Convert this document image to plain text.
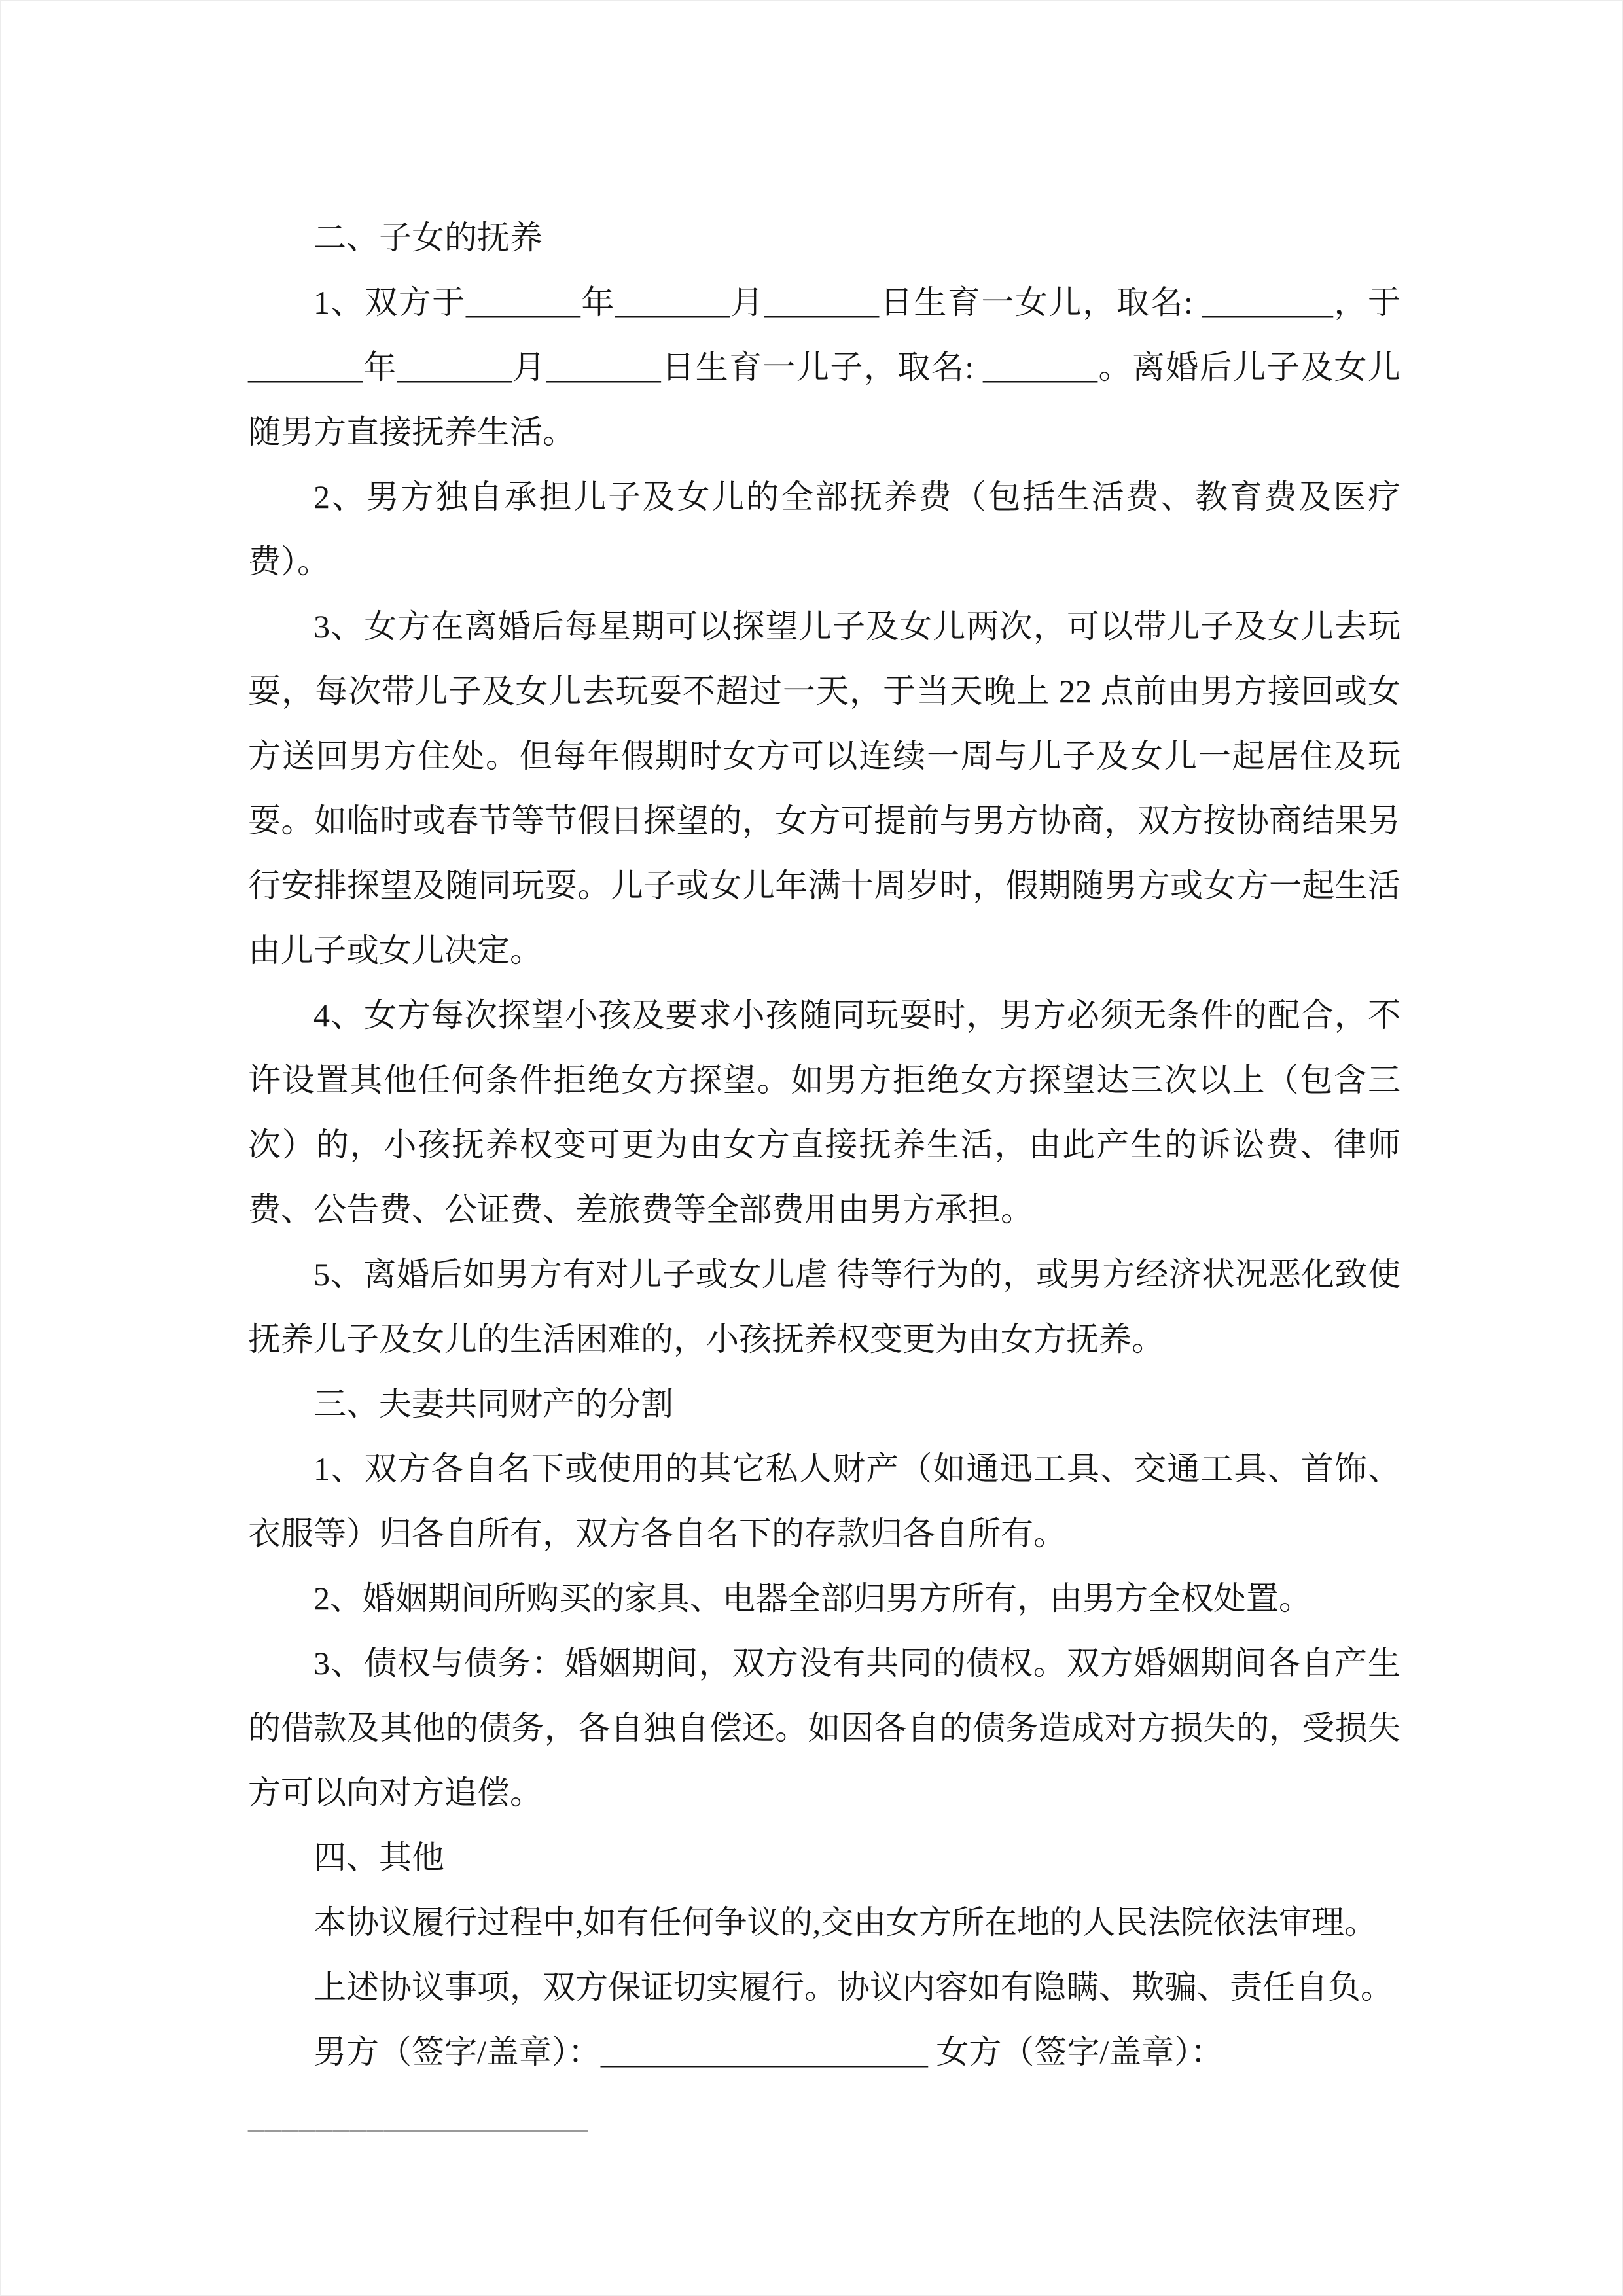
二、子女的抚养

1、双方于_______年_______月_______日生育一女儿，取名: ________，于_______年_______月_______日生育一儿子，取名: _______。离婚后儿子及女儿随男方直接抚养生活。

2、男方独自承担儿子及女儿的全部抚养费（包括生活费、教育费及医疗费）。

3、女方在离婚后每星期可以探望儿子及女儿两次，可以带儿子及女儿去玩耍，每次带儿子及女儿去玩耍不超过一天，于当天晚上 22 点前由男方接回或女方送回男方住处。但每年假期时女方可以连续一周与儿子及女儿一起居住及玩耍。如临时或春节等节假日探望的，女方可提前与男方协商，双方按协商结果另行安排探望及随同玩耍。儿子或女儿年满十周岁时，假期随男方或女方一起生活由儿子或女儿决定。

4、女方每次探望小孩及要求小孩随同玩耍时，男方必须无条件的配合，不许设置其他任何条件拒绝女方探望。如男方拒绝女方探望达三次以上（包含三次）的，小孩抚养权变可更为由女方直接抚养生活，由此产生的诉讼费、律师费、公告费、公证费、差旅费等全部费用由男方承担。

5、离婚后如男方有对儿子或女儿虐 待等行为的，或男方经济状况恶化致使抚养儿子及女儿的生活困难的，小孩抚养权变更为由女方抚养。

三、夫妻共同财产的分割

1、双方各自名下或使用的其它私人财产（如通迅工具、交通工具、首饰、衣服等）归各自所有，双方各自名下的存款归各自所有。

2、婚姻期间所购买的家具、电器全部归男方所有，由男方全权处置。

3、债权与债务：婚姻期间，双方没有共同的债权。双方婚姻期间各自产生的借款及其他的债务，各自独自偿还。如因各自的债务造成对方损失的，受损失方可以向对方追偿。

四、其他

本协议履行过程中,如有任何争议的,交由女方所在地的人民法院依法审理。

上述协议事项，双方保证切实履行。协议内容如有隐瞒、欺骗、责任自负。

男方（签字/盖章）：____________________ 女方（签字/盖章）：

____________________
